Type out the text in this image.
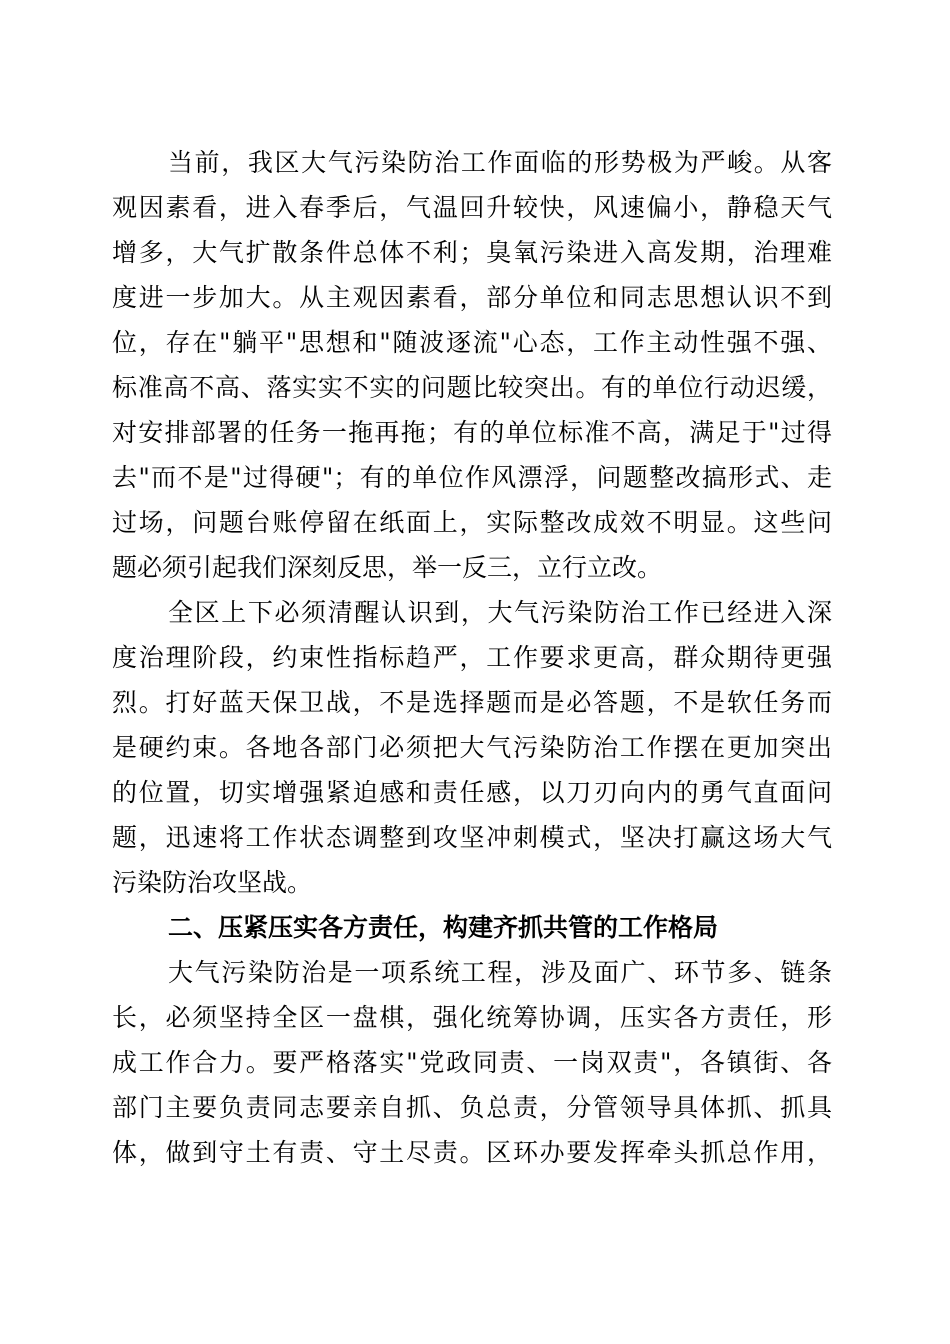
当前，我区大气污染防治工作面临的形势极为严峻。从客
观因素看，进入春季后，气温回升较快，风速偏小，静稳天气
增多，大气扩散条件总体不利；臭氧污染进入高发期，治理难
度进一步加大。从主观因素看，部分单位和同志思想认识不到
位，存在"躺平"思想和"随波逐流"心态，工作主动性强不强、
标准高不高、落实实不实的问题比较突出。有的单位行动迟缓，
对安排部署的任务一拖再拖；有的单位标准不高，满足于"过得
去"而不是"过得硬"；有的单位作风漂浮，问题整改搞形式、走
过场，问题台账停留在纸面上，实际整改成效不明显。这些问
题必须引起我们深刻反思，举一反三，立行立改。
全区上下必须清醒认识到，大气污染防治工作已经进入深
度治理阶段，约束性指标趋严，工作要求更高，群众期待更强
烈。打好蓝天保卫战，不是选择题而是必答题，不是软任务而
是硬约束。各地各部门必须把大气污染防治工作摆在更加突出
的位置，切实增强紧迫感和责任感，以刀刃向内的勇气直面问
题，迅速将工作状态调整到攻坚冲刺模式，坚决打赢这场大气
污染防治攻坚战。
二、压紧压实各方责任，构建齐抓共管的工作格局
大气污染防治是一项系统工程，涉及面广、环节多、链条
长，必须坚持全区一盘棋，强化统筹协调，压实各方责任，形
成工作合力。要严格落实"党政同责、一岗双责"，各镇街、各
部门主要负责同志要亲自抓、负总责，分管领导具体抓、抓具
体，做到守土有责、守土尽责。区环办要发挥牵头抓总作用，
